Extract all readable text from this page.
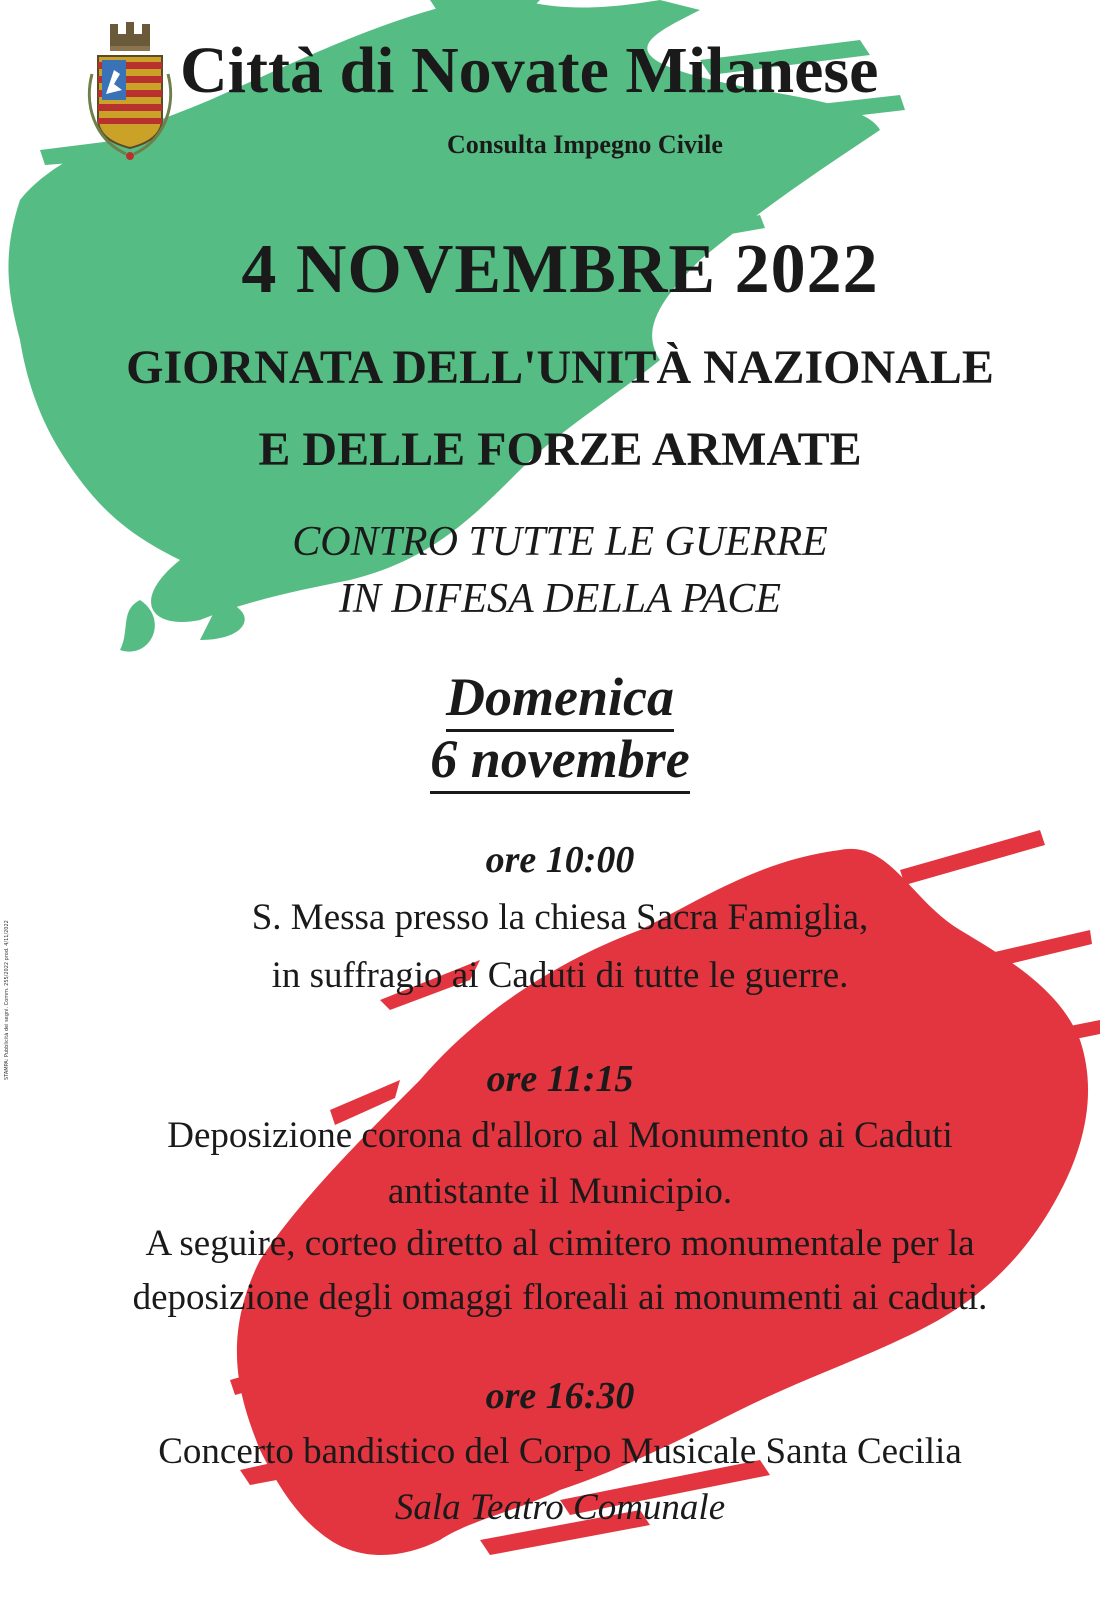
Città di Novate Milanese
Consulta Impegno Civile
4 NOVEMBRE 2022
GIORNATA DELL'UNITÀ NAZIONALE
E DELLE FORZE ARMATE
CONTRO TUTTE LE GUERRE
IN DIFESA DELLA PACE
Domenica
6 novembre
ore 10:00
S. Messa presso la chiesa Sacra Famiglia,
in suffragio ai Caduti di tutte le guerre.
ore 11:15
Deposizione corona d'alloro al Monumento ai Caduti
antistante il Municipio.
A seguire, corteo diretto al cimitero monumentale per la
deposizione degli omaggi floreali ai monumenti ai caduti.
ore 16:30
Concerto bandistico del Corpo Musicale Santa Cecilia
Sala Teatro Comunale
STAMPA: Pubblicità dei segni. Comm. 255/2022 prod. 4/11/2022
